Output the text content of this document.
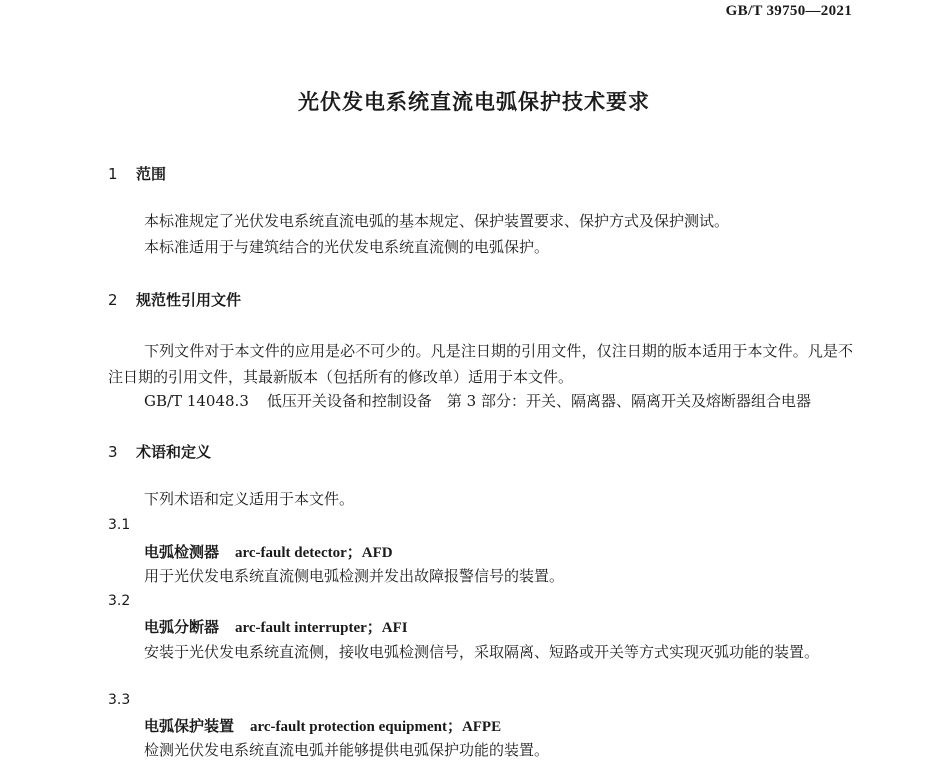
GB/T 39750—2021
光伏发电系统直流电弧保护技术要求
1 范围
本标准规定了光伏发电系统直流电弧的基本规定、保护装置要求、保护方式及保护测试。
本标准适用于与建筑结合的光伏发电系统直流侧的电弧保护。
2 规范性引用文件
下列文件对于本文件的应用是必不可少的。凡是注日期的引用文件，仅注日期的版本适用于本文件。凡是不注日期的引用文件，其最新版本（包括所有的修改单）适用于本文件。
GB/T 14048.3 低压开关设备和控制设备　第 3 部分：开关、隔离器、隔离开关及熔断器组合电器
3 术语和定义
下列术语和定义适用于本文件。
3.1
电弧检测器 arc-fault detector；AFD
用于光伏发电系统直流侧电弧检测并发出故障报警信号的装置。
3.2
电弧分断器 arc-fault interrupter；AFI
安装于光伏发电系统直流侧，接收电弧检测信号，采取隔离、短路或开关等方式实现灭弧功能的装置。
3.3
电弧保护装置 arc-fault protection equipment；AFPE
检测光伏发电系统直流电弧并能够提供电弧保护功能的装置。
